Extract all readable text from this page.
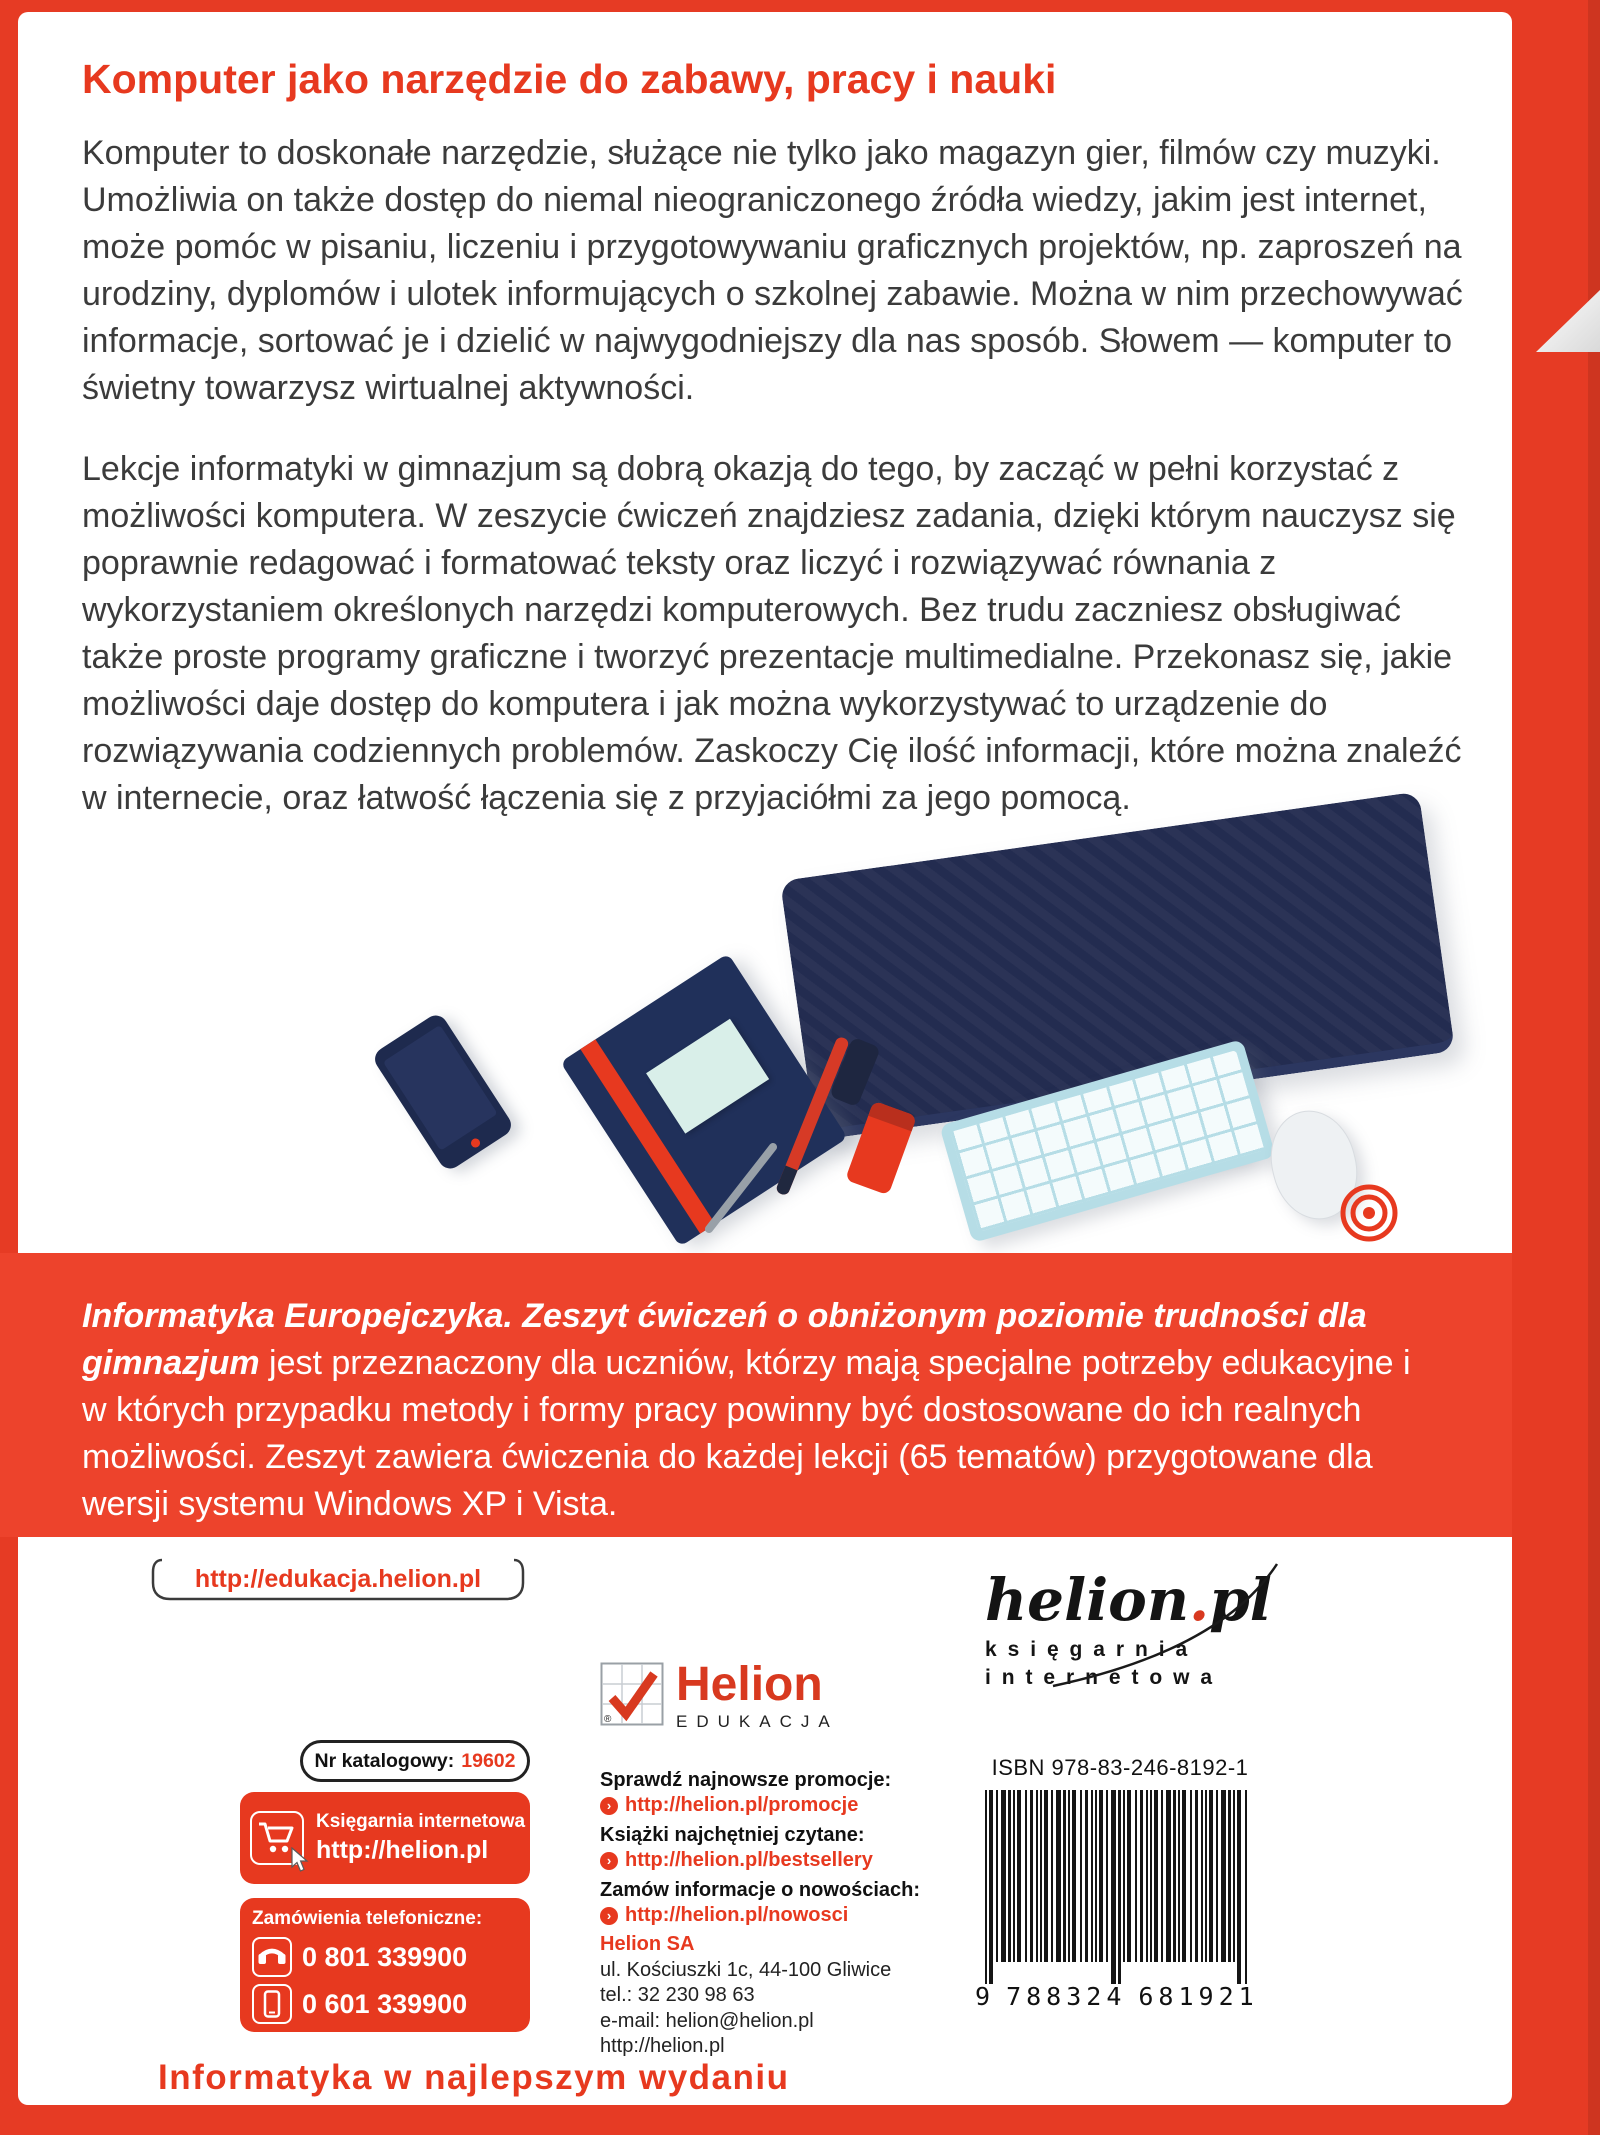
Komputer jako narzędzie do zabawy, pracy i nauki
Komputer to doskonałe narzędzie, służące nie tylko jako magazyn gier, filmów czy muzyki. Umożliwia on także dostęp do niemal nieograniczonego źródła wiedzy, jakim jest internet, może pomóc w pisaniu, liczeniu i przygotowywaniu graficznych projektów, np. zaproszeń na urodziny, dyplomów i ulotek informujących o szkolnej zabawie. Można w nim przechowywać informacje, sortować je i dzielić w najwygodniejszy dla nas sposób. Słowem — komputer to świetny towarzysz wirtualnej aktywności.
Lekcje informatyki w gimnazjum są dobrą okazją do tego, by zacząć w pełni korzystać z możliwości komputera. W zeszycie ćwiczeń znajdziesz zadania, dzięki którym nauczysz się poprawnie redagować i formatować teksty oraz liczyć i rozwiązywać równania z wykorzystaniem określonych narzędzi komputerowych. Bez trudu zaczniesz obsługiwać także proste programy graficzne i tworzyć prezentacje multimedialne. Przekonasz się, jakie możliwości daje dostęp do komputera i jak można wykorzystywać to urządzenie do rozwiązywania codziennych problemów. Zaskoczy Cię ilość informacji, które można znaleźć w internecie, oraz łatwość łączenia się z przyjaciółmi za jego pomocą.
Informatyka Europejczyka. Zeszyt ćwiczeń o obniżonym poziomie trudności dla gimnazjum jest przeznaczony dla uczniów, którzy mają specjalne potrzeby edukacyjne i w których przypadku metody i formy pracy powinny być dostosowane do ich realnych możliwości. Zeszyt zawiera ćwiczenia do każdej lekcji (65 tematów) przygotowane dla wersji systemu Windows XP i Vista.
http://edukacja.helion.pl	helion.pl
księgarnia
internetowa
Nr katalogowy: 19602
Księgarnia internetowa
http://helion.pl
Zamówienia telefoniczne:
0 801 339900
0 601 339900
®
Helion
EDUKACJA
Sprawdź najnowsze promocje:
› http://helion.pl/promocje
Książki najchętniej czytane:
› http://helion.pl/bestsellery
Zamów informacje o nowościach:
› http://helion.pl/nowosci
Helion SA
ul. Kościuszki 1c, 44-100 Gliwice
tel.: 32 230 98 63
e-mail: helion@helion.pl
http://helion.pl
ISBN 978-83-246-8192-1
9 788324 681921
Informatyka w najlepszym wydaniu
